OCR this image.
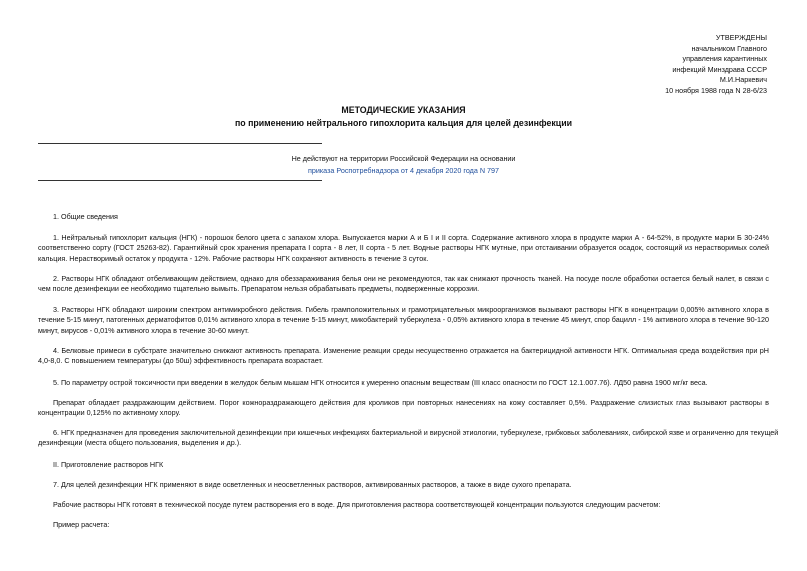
УТВЕРЖДЕНЫ
начальником Главного
управления карантинных
инфекций Минздрава СССР
М.И.Наркевич
10 ноября 1988 года N 28-6/23
МЕТОДИЧЕСКИЕ УКАЗАНИЯ
по применению нейтрального гипохлорита кальция для целей дезинфекции
Не действуют на территории Российской Федерации на основании
приказа Роспотребнадзора от 4 декабря 2020 года N 797
1. Общие сведения
1. Нейтральный гипохлорит кальция (НГК) - порошок белого цвета с запахом хлора. Выпускается марки А и Б I и II сорта. Содержание активного хлора в продукте марки А - 64-52%, в продукте марки Б 30-24%
соответственно сорту (ГОСТ 25263-82). Гарантийный срок хранения препарата I сорта - 8 лет, II сорта - 5 лет. Водные растворы НГК мутные, при отстаивании образуется осадок, состоящий из нерастворимых солей
кальция. Нерастворимый остаток у продукта - 12%. Рабочие растворы НГК сохраняют активность в течение 3 суток.
2. Растворы НГК обладают отбеливающим действием, однако для обеззараживания белья они не рекомендуются, так как снижают прочность тканей. На посуде после обработки остается белый налет, в связи с
чем после дезинфекции ее необходимо тщательно вымыть. Препаратом нельзя обрабатывать предметы, подверженные коррозии.
3. Растворы НГК обладают широким спектром антимикробного действия. Гибель грамположительных и грамотрицательных микроорганизмов вызывают растворы НГК в концентрации 0,005% активного хлора в
течение 5-15 минут, патогенных дерматофитов 0,01% активного хлора в течение 5-15 минут, микобактерий туберкулеза - 0,05% активного хлора в течение 45 минут, спор бацилл - 1% активного хлора в течение 90-120
минут, вирусов - 0,01% активного хлора в течение 30-60 минут.
4. Белковые примеси в субстрате значительно снижают активность препарата. Изменение реакции среды несущественно отражается на бактерицидной активности НГК. Оптимальная среда воздействия при рН
4,0-8,0. С повышением температуры (до 50ш) эффективность препарата возрастает.
5. По параметру острой токсичности при введении в желудок белым мышам НГК относится к умеренно опасным веществам (III класс опасности по ГОСТ 12.1.007.76). ЛД50 равна 1900 мг/кг веса.
Препарат обладает раздражающим действием. Порог кожнораздражающего действия для кроликов при повторных нанесениях на кожу составляет 0,5%. Раздражение слизистых глаз вызывают растворы в
концентрации 0,125% по активному хлору.
6. НГК предназначен для проведения заключительной дезинфекции при кишечных инфекциях бактериальной и вирусной этиологии, туберкулезе, грибковых заболеваниях, сибирской язве и ограниченно для текущей
дезинфекции (места общего пользования, выделения и др.).
II. Приготовление растворов НГК
7. Для целей дезинфекции НГК применяют в виде осветленных и неосветленных растворов, активированных растворов, а также в виде сухого препарата.
Рабочие растворы НГК готовят в технической посуде путем растворения его в воде. Для приготовления раствора соответствующей концентрации пользуются следующим расчетом:
Пример расчета:
